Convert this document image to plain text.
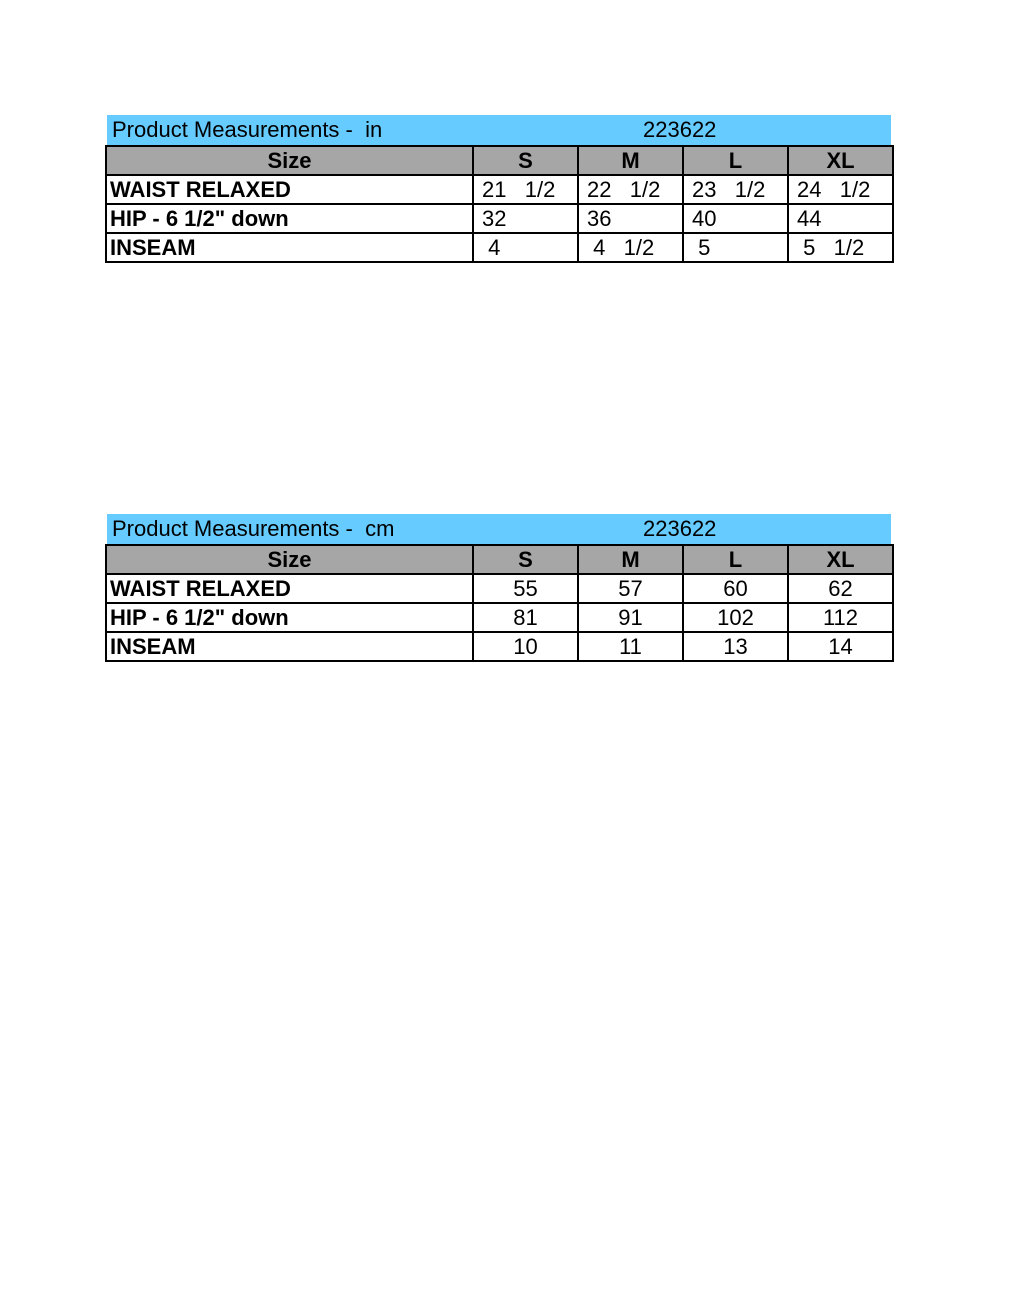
Product Measurements -  in	223622
Size	S	M	L	XL
WAIST RELAXED	21   1/2	22   1/2	23   1/2	24   1/2
HIP - 6 1/2" down	32	36	40	44
INSEAM	4	4   1/2	5	5   1/2
Product Measurements -  cm	223622
Size	S	M	L	XL
WAIST RELAXED	55	57	60	62
HIP - 6 1/2" down	81	91	102	112
INSEAM	10	11	13	14
